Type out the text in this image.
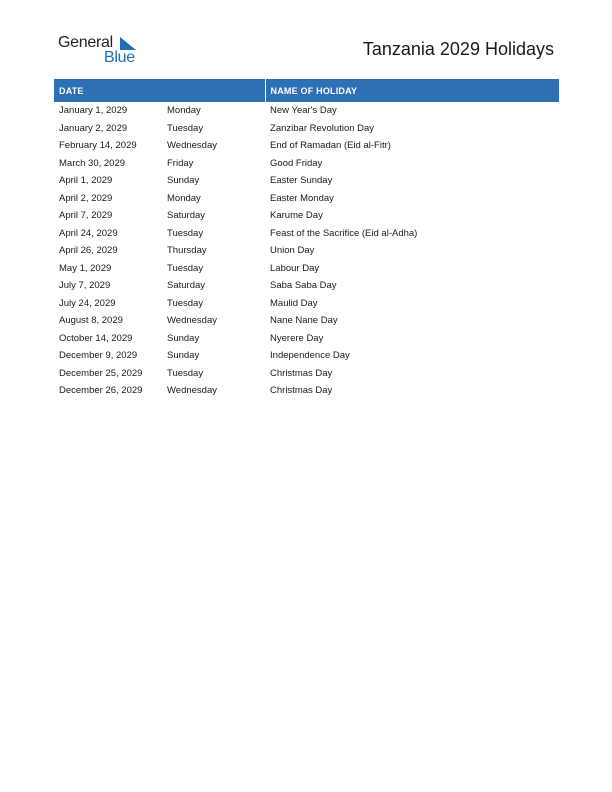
General
Blue	Tanzania 2029 Holidays
DATE		NAME OF HOLIDAY
January 1, 2029	Monday	New Year's Day
January 2, 2029	Tuesday	Zanzibar Revolution Day
February 14, 2029	Wednesday	End of Ramadan (Eid al-Fitr)
March 30, 2029	Friday	Good Friday
April 1, 2029	Sunday	Easter Sunday
April 2, 2029	Monday	Easter Monday
April 7, 2029	Saturday	Karume Day
April 24, 2029	Tuesday	Feast of the Sacrifice (Eid al-Adha)
April 26, 2029	Thursday	Union Day
May 1, 2029	Tuesday	Labour Day
July 7, 2029	Saturday	Saba Saba Day
July 24, 2029	Tuesday	Maulid Day
August 8, 2029	Wednesday	Nane Nane Day
October 14, 2029	Sunday	Nyerere Day
December 9, 2029	Sunday	Independence Day
December 25, 2029	Tuesday	Christmas Day
December 26, 2029	Wednesday	Christmas Day
